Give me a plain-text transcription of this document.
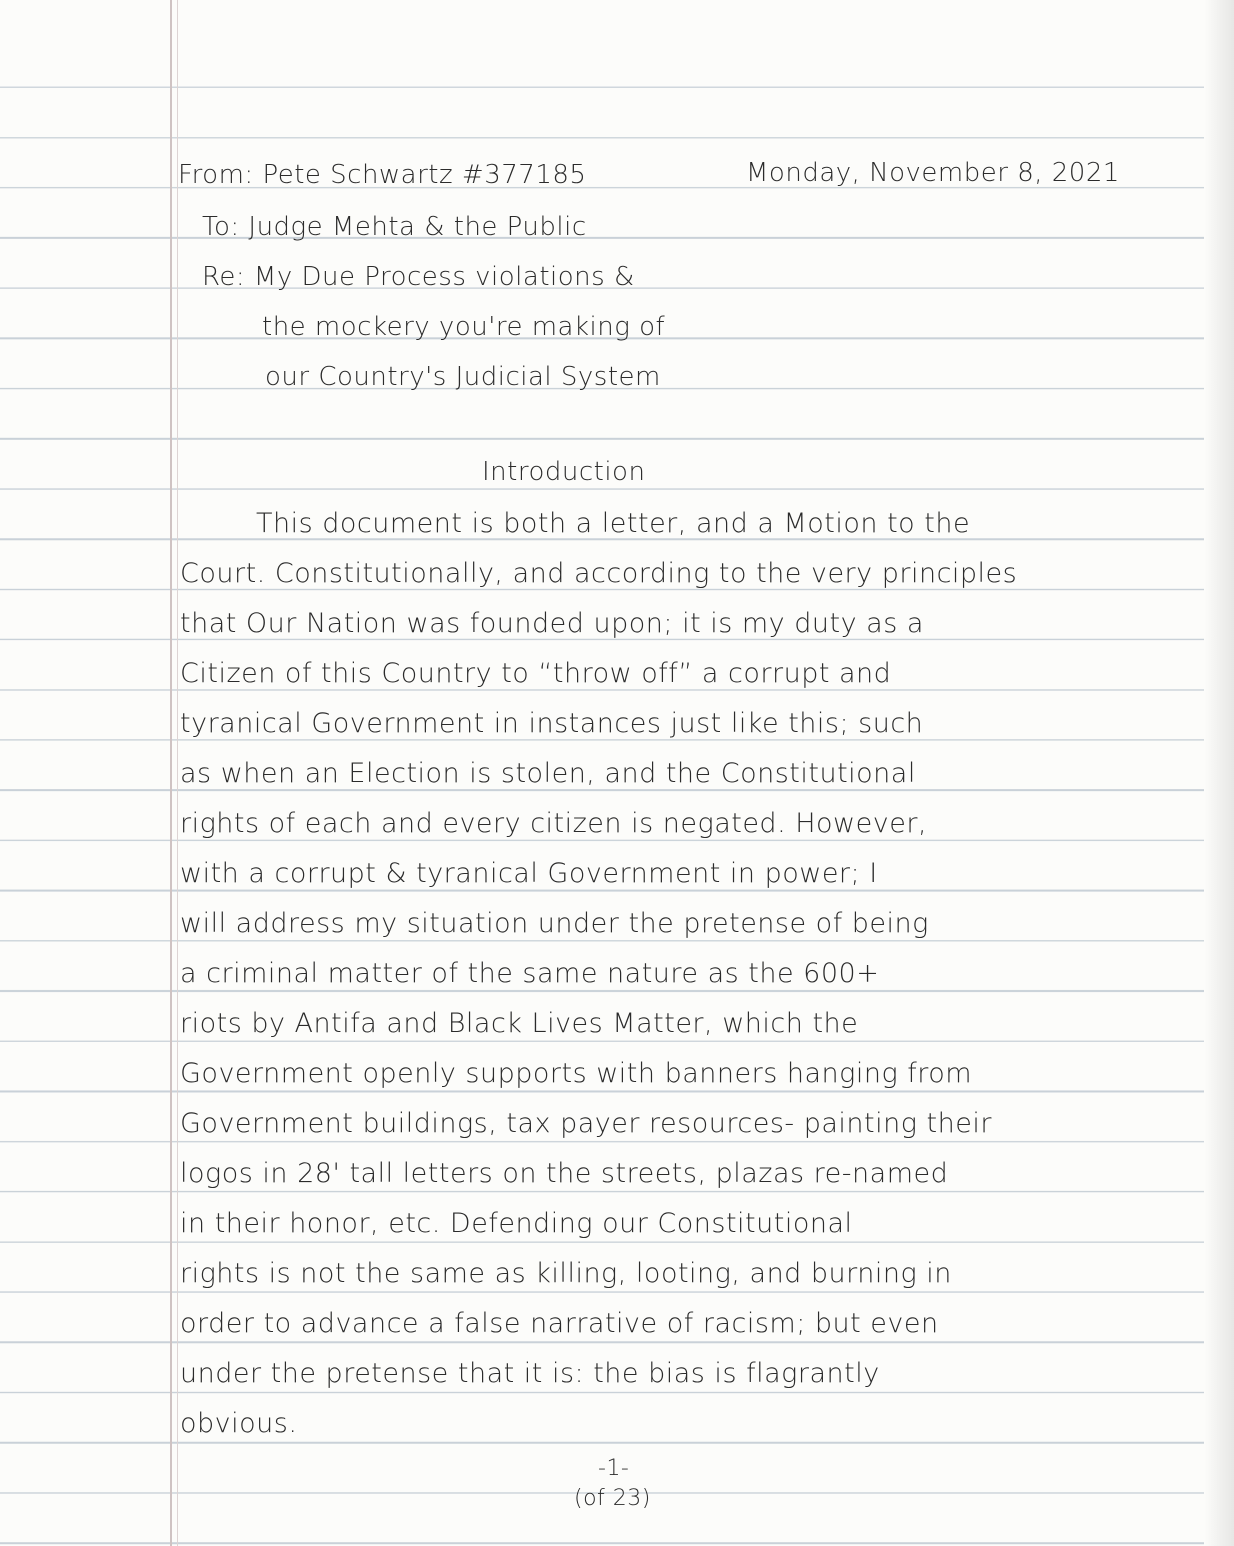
From: Pete Schwartz #377185	Monday, November 8, 2021
To: Judge Mehta & the Public
Re: My Due Process violations &
the mockery you're making of
our Country's Judicial System
Introduction
This document is both a letter, and a Motion to the
Court. Constitutionally, and according to the very principles
that Our Nation was founded upon; it is my duty as a
Citizen of this Country to “throw off” a corrupt and
tyranical Government in instances just like this; such
as when an Election is stolen, and the Constitutional
rights of each and every citizen is negated. However,
with a corrupt & tyranical Government in power; I
will address my situation under the pretense of being
a criminal matter of the same nature as the 600+
riots by Antifa and Black Lives Matter, which the
Government openly supports with banners hanging from
Government buildings, tax payer resources- painting their
logos in 28' tall letters on the streets, plazas re-named
in their honor, etc. Defending our Constitutional
rights is not the same as killing, looting, and burning in
order to advance a false narrative of racism; but even
under the pretense that it is: the bias is flagrantly
obvious.
-1-
(of 23)
